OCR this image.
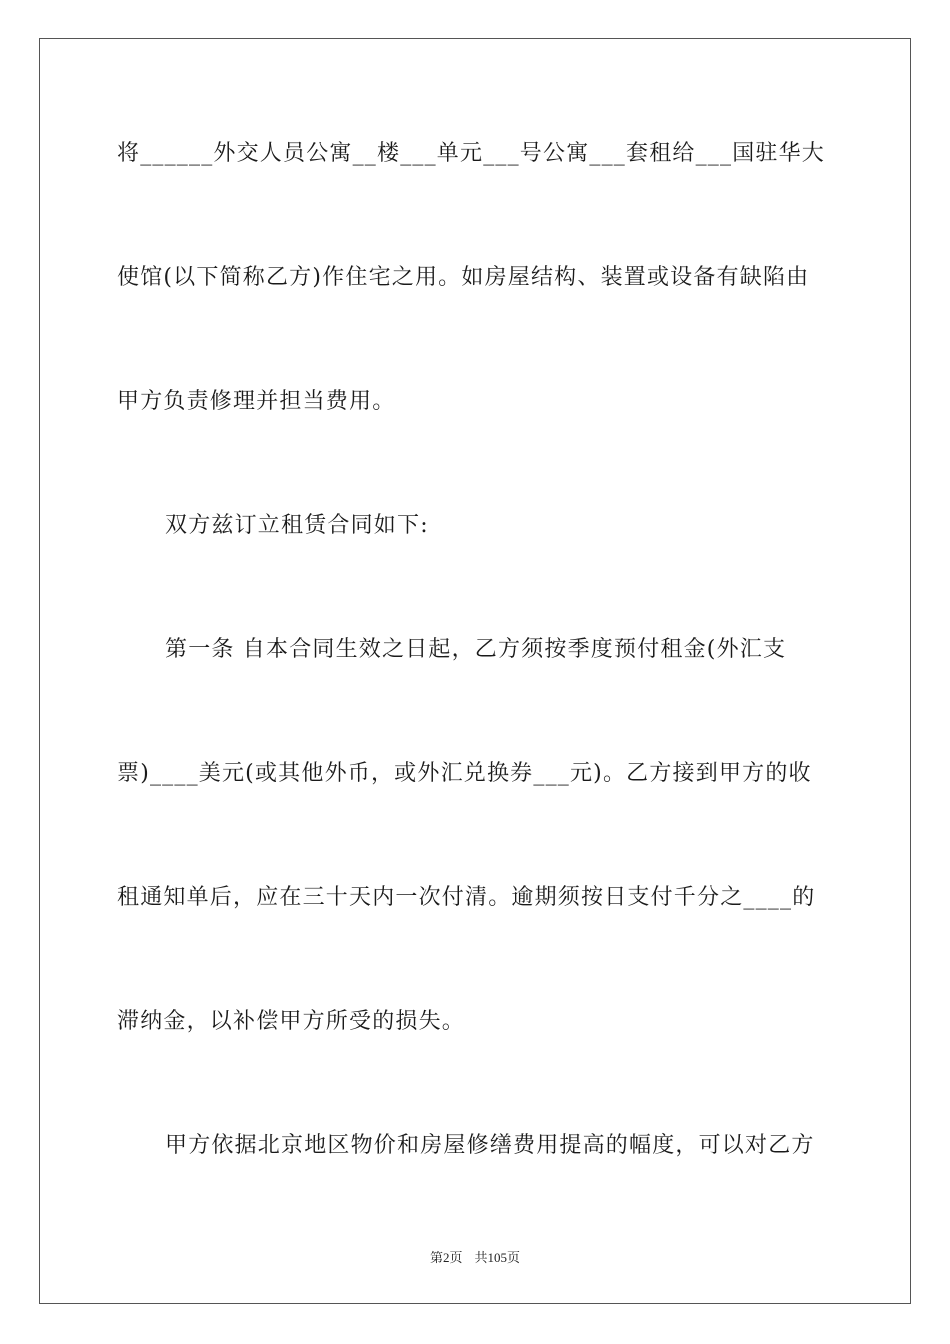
将______外交人员公寓__楼___单元___号公寓___套租给___国驻华大
使馆(以下简称乙方)作住宅之用。如房屋结构、装置或设备有缺陷由
甲方负责修理并担当费用。
双方兹订立租赁合同如下:
第一条 自本合同生效之日起，乙方须按季度预付租金(外汇支
票)____美元(或其他外币，或外汇兑换券___元)。乙方接到甲方的收
租通知单后，应在三十天内一次付清。逾期须按日支付千分之____的
滞纳金，以补偿甲方所受的损失。
甲方依据北京地区物价和房屋修缮费用提高的幅度，可以对乙方
第2页 共105页
